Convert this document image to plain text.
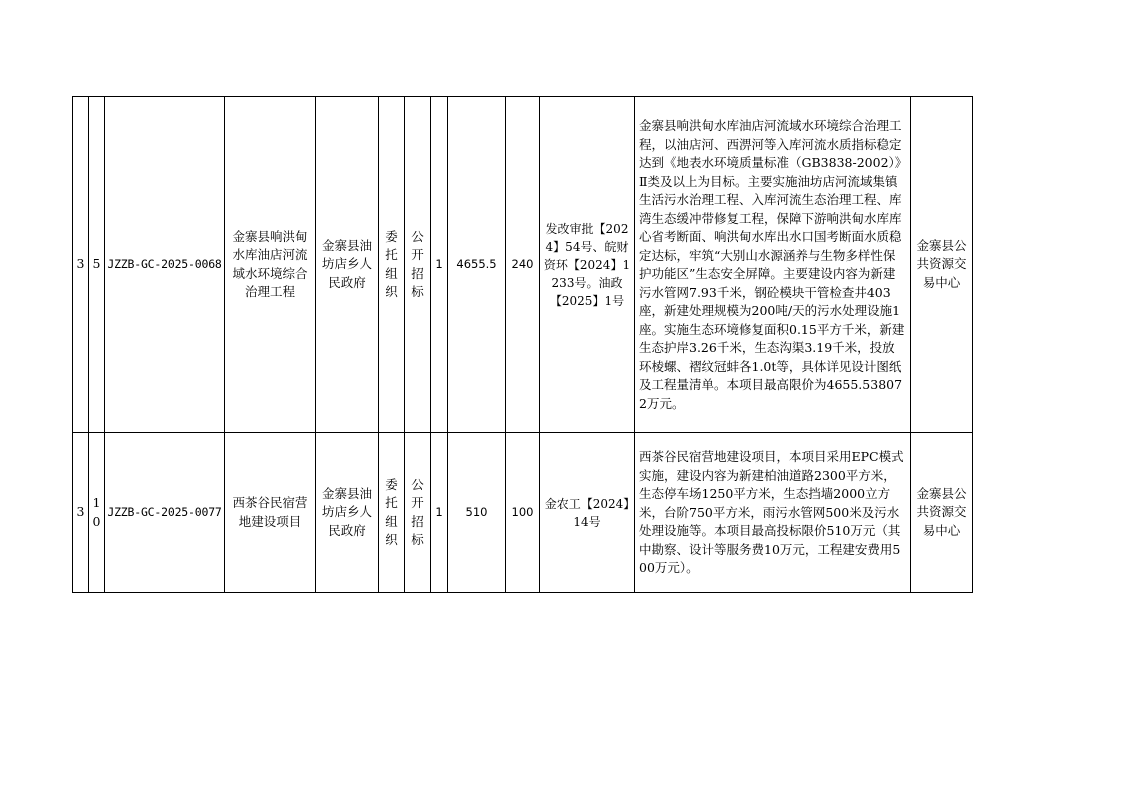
3	5	JZZB-GC-2025-0068	金寨县响洪甸水库油店河流域水环境综合治理工程	金寨县油坊店乡人民政府	委托组织	公开招标	1	4655.5	240	发改审批【2024】54号、皖财资环【2024】1233号。油政【2025】1号	金寨县响洪甸水库油店河流域水环境综合治理工程，以油店河、西淠河等入库河流水质指标稳定达到《地表水环境质量标准（GB3838-2002）》Ⅱ类及以上为目标。主要实施油坊店河流域集镇生活污水治理工程、入库河流生态治理工程、库湾生态缓冲带修复工程，保障下游响洪甸水库库心省考断面、响洪甸水库出水口国考断面水质稳定达标，牢筑“大别山水源涵养与生物多样性保护功能区”生态安全屏障。主要建设内容为新建污水管网7.93千米，钢砼模块干管检查井403座，新建处理规模为200吨/天的污水处理设施1座。实施生态环境修复面积0.15平方千米，新建生态护岸3.26千米，生态沟渠3.19千米，投放环棱螺、褶纹冠蚌各1.0t等，具体详见设计图纸及工程量清单。本项目最高限价为4655.538072万元。	金寨县公共资源交易中心
3	10	JZZB-GC-2025-0077	西茶谷民宿营地建设项目	金寨县油坊店乡人民政府	委托组织	公开招标	1	510	100	金农工【2024】14号	西茶谷民宿营地建设项目，本项目采用EPC模式实施，建设内容为新建柏油道路2300平方米，生态停车场1250平方米，生态挡墙2000立方米，台阶750平方米，雨污水管网500米及污水处理设施等。本项目最高投标限价510万元（其中勘察、设计等服务费10万元，工程建安费用500万元）。	金寨县公共资源交易中心
